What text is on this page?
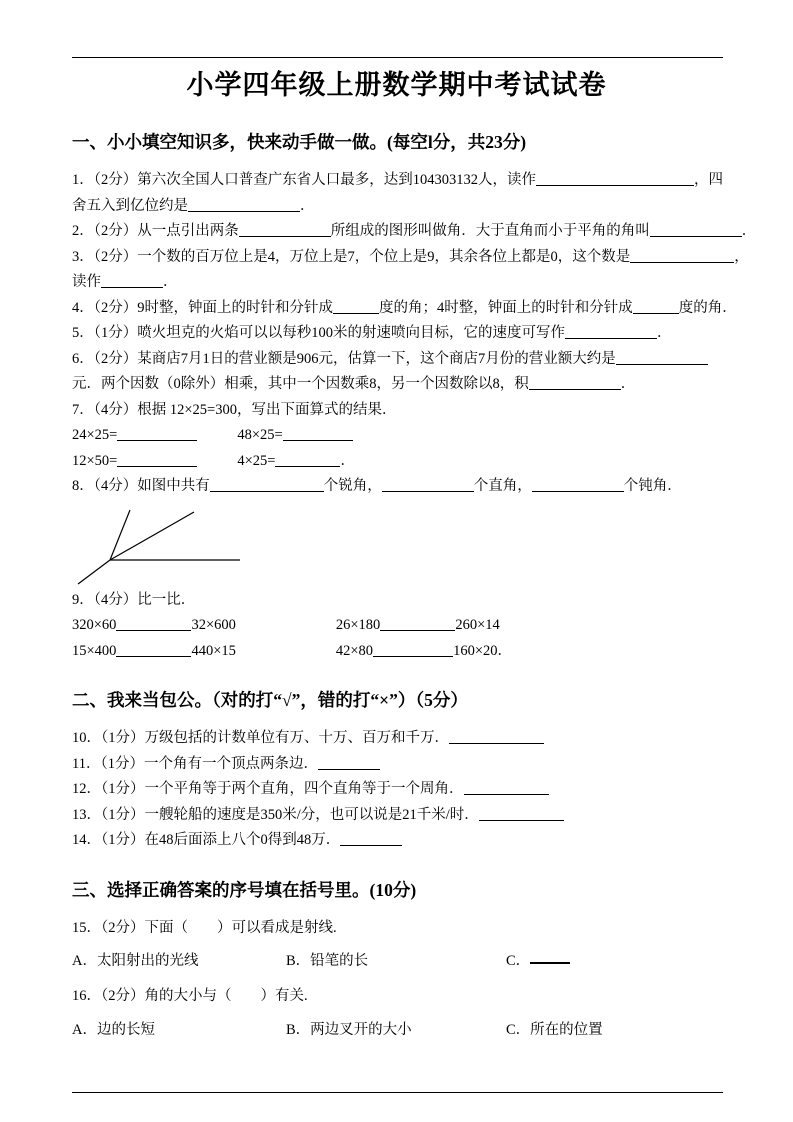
小学四年级上册数学期中考试试卷
一、小小填空知识多，快来动手做一做。(每空l分，共23分)
1．（2分）第六次全国人口普查广东省人口最多，达到104303132人，读作	，四
舍五入到亿位约是	．
2．（2分）从一点引出两条	所组成的图形叫做角．大于直角而小于平角的角叫	．
3．（2分）一个数的百万位上是4，万位上是7，个位上是9，其余各位上都是0，这个数是	，
读作	．
4．（2分）9时整，钟面上的时针和分针成	度的角；4时整，钟面上的时针和分针成	度的角．
5．（1分）喷火坦克的火焰可以以每秒100米的射速喷向目标，它的速度可写作	．
6．（2分）某商店7月1日的营业额是906元，估算一下，这个商店7月份的营业额大约是
元．两个因数（0除外）相乘，其中一个因数乘8，另一个因数除以8，积	．
7．（4分）根据 12×25=300，写出下面算式的结果．
24×25=	48×25=
12×50=	4×25=	．
8．（4分）如图中共有	个锐角，	个直角，	个钝角．
9．（4分）比一比．
320×60	32×600	26×180	260×14
15×400	440×15	42×80	160×20．
二、我来当包公。（对的打“√”，错的打“×”）（5分）
10．（1分）万级包括的计数单位有万、十万、百万和千万．
11．（1分）一个角有一个顶点两条边．
12．（1分）一个平角等于两个直角，四个直角等于一个周角．
13．（1分）一艘轮船的速度是350米/分，也可以说是21千米/时．
14．（1分）在48后面添上八个0得到48万．
三、选择正确答案的序号填在括号里。(10分)
15．（2分）下面（　　）可以看成是射线.
A．太阳射出的光线	B．铅笔的长	C．
16．（2分）角的大小与（　　）有关.
A．边的长短	B．两边叉开的大小	C．所在的位置
